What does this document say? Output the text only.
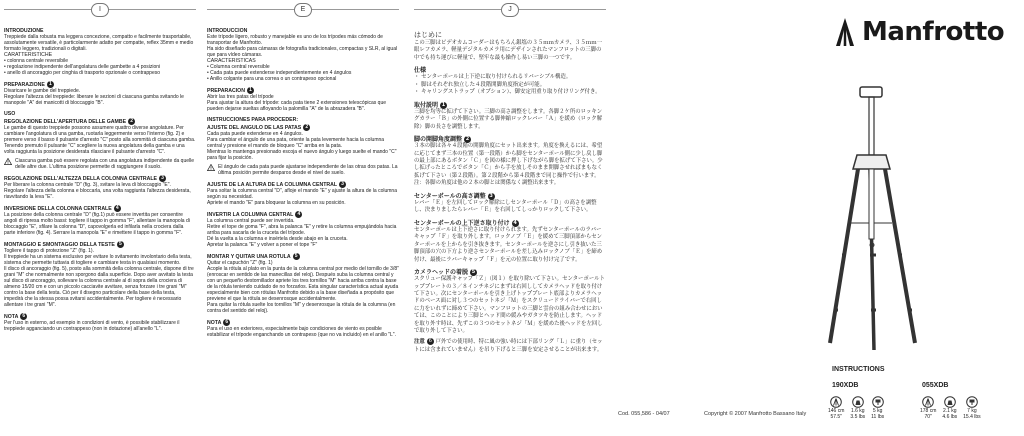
I
INTRODUZIONE
Treppiede dalla robusta ma leggera concezione, compatto e facilmente trasportabile, assolutamente versatile, è particolarmente adatto per compatte, reflex 35mm e medio formato leggero, tradizionali o digitali.
CARATTERISTICHE
• colonna centrale reversibile
• regolazione indipendente dell'angolatura delle gambette a 4 posizioni
• anello di ancoraggio per cinghia di trasporto opzionale o contrappeso
PREPARAZIONE 1
Divaricare le gambe del treppiede.
Regolare l'altezza del treppiede: liberare le sezioni di ciascuna gamba svitando le manopole "A" dei manicotti di bloccaggio "B".
USO
REGOLAZIONE DELL'APERTURA DELLE GAMBE 2
Le gambe di questo treppiede possono assumere quattro diverse angolature. Per cambiare l'angolatura di una gamba, ruotarla leggermente verso l'interno (fig. 2) e premere verso il basso il pulsante d'arresto "C" posto alla sommità di ciascuna gamba.
Tenendo premuto il pulsante "C" scegliere la nuova angolatura della gamba e una volta raggiunta la posizione desiderata rilasciare il pulsante d'arresto "C".
Ciascuna gamba può essere regolata con una angolatura indipendente da quelle delle altre due. L'ultima posizione permette di raggiungere il suolo.
REGOLAZIONE DELL'ALTEZZA DELLA COLONNA CENTRALE 3
Per liberare la colonna centrale "D" (fig. 3), svitare la leva di bloccaggio "E".
Regolare l'altezza della colonna e bloccarla, una volta raggiunta l'altezza desiderata, riavvitando la leva "E".
INVERSIONE DELLA COLONNA CENTRALE 4
La posizione della colonna centrale "D" (fig.1) può essere invertita per consentire angoli di ripresa molto bassi: togliere il tappo in gomma "F", allentare la manopola di bloccaggio "E", sfilare la colonna "D", capovolgerla ed infilarla nella crociera dalla parte inferiore (fig. 4). Serrare la manopola "E" e rimettere il tappo in gomma "F".
MONTAGGIO E SMONTAGGIO DELLA TESTE 5
Togliere il tappo di protezione "Z" (fig. 1).
Il treppiede ha un sistema esclusivo per evitare lo svitamento involontario della testa, sistema che permette tuttavia di togliere e cambiare testa in qualsiasi momento.
Il disco di ancoraggio (fig. 5), posto alla sommità della colonna centrale, dispone di tre grani "M" che normalmente non sporgono dalla superficie. Dopo aver avvitato la testa sul disco di ancoraggio, sollevare la colonna centrale al di sopra della crociera di almeno 15/20 cm e con un piccolo cacciavite avvitare, senza forzare i tre grani "M" contro la base della testa. Ciò per il disegno particolare della base della testa, impedirà che la stessa possa svitarsi accidentalmente. Per togliere è necessario allentare i tre grani "M".
NOTA 6
Per l'uso in esterno, ad esempio in condizioni di vento, è possibile stabilizzare il treppiede agganciando un contrappeso (non in dotazione) all'anello "L".
E
INTRODUCCION
Este trípode ligero, robusto y manejable es uno de los trípodes más cómodo de transportar de Manfrotto.
Ha sido diseñado para cámaras de fotografía tradicionales, compactas y SLR, al igual que para vídeo cámaras.
CARACTERISTICAS
• Columna central reversible
• Cada pata puede extenderse independientemente en 4 ángulos
• Anillo colgante para una correa o un contrapeso opcional
PREPARACION 1
Abrir las tres patas del trípode
Para ajustar la altura del trípode: cada pata tiene 2 extensiones telescópicas que pueden dejarse sueltas afloyando la palomilla "A" de la abrazadera "B".
INSTRUCCIONES PARA PROCEDER:
AJUSTE DEL ANGULO DE LAS PATAS 2
Cada pata puede extenderse en 4 ángulos.
Para cambiar el ángulo de una pata, oriente la pata levemente hacia la columna central y presione el mando de bloqueo "C" arriba en la pata.
Mientras lo mantenga presionado escoja el nuevo ángulo y luego suelte el mando "C" para fijar la posición.
El ángulo de cada pata puede ajustarse independiente de las otras dos patas. La última posición permite desparos desde el nivel de suelo.
AJUSTE DE LA ALTURA DE LA COLUMNA CENTRAL 3
Para soltar la columna central "D", afloje el mando "E" y ajuste la altura de la columna según su necesidad.
Apriete el mando "E" para bloquear la columna en su posición.
INVERTIR LA COLUMNA CENTRAL 4
La columna central puede ser invertida.
Retire el tope de goma "F", abra la palanca "E" y retire la columna empujándola hacia arriba para sacarla de la cruceta del trípode.
Dé la vuelta a la columna e insértela desde abajo en la cruceta.
Apretar la palanca "E" y volver a poner el tope "F"
MONTAR Y QUITAR UNA ROTULA 5
Quitar el capuchón "Z" (fig. 1)
Acople la rótula al plato en la punta de la columna central por medio del tornillo de 3/8" (enroscar en sentido de las manecillas del reloj). Después suba la columna central y con un pequeño destornillador apriete los tres tornillos "M" hacia arriba contra la base de la rótula teniendo cuidado de no forzarlos. Esta singular característica actual ayuda especialmente bien con rótulas Manfrotto debido a la base diseñada a propósito que previene el que la rótula se desenrosque accidentalmente.
Para quitar la rótula suelte los tornillos "M" y desenrosque la rótula de la columna (en contra del sentido del reloj).
NOTA 6
Para el uso en exteriores, especialmente bajo condiciones de viento es posible estabilizar el trípode enganchando un contrapeso (que no va incluido) en el anillo "L".
J
はじめに
この三脚はビデオカムコーダーはもちろん銀塩の３５ｍｍカメラ、３５ｍｍ一眼レフカメラ、軽量デジタルカメラ用にデザインされたマンフロットの三脚の中でも持ち運びに軽量で、堅牢な最も操作し易い三脚の一つです。
仕様
・ センターポールは上下逆に取り付けられるリバーシブル構造。
・ 脚はそれぞれ独立した４段階開脚角度指定が可能。
・ キャリングストラップ（オプション）、御安定用重り取り付けリング付き。
取付説明 1
三脚を均等に拡げて下さい。三脚の高さ調整をします。各脚２ケ所のロッキングカラー「Ｂ」の外側に位置する脚伸縮ロックレバー「Ａ」を緩め（ロック解除）脚の長さを調整します。
脚の開脚角度調整 2
３本の脚は各々４段階の開脚角度にセット出来ます。角度を換えるには、希望に応じてまず三本の位置（第一段階）から脚をセンターポール側に少し戻し脚の最上部にあるボタン「Ｃ」を図の様に押し下げながら脚を拡げて下さい。少し拡げったところでボタン「Ｃ」から手を放しそのまま開脚させればまもなく拡げて下さい（第２段階）。第２段階から第４段階まで同じ操作で行います。
注：各脚の角度は他の２本の脚とは関係なく調整出来ます。
センターポールの高さ調整 3
レバー「Ｅ」を左回してロック解除にしセンターポール「Ｄ」の高さを調整し、決まりましたらレバー「Ｅ」を右回してしっかりロックして下さい。
センターポールの上下逆さ取り付け 4
センターポールは上下逆さに取り付けられます。先ずセンターポールのラバーキャップ「Ｆ」を取り外します。ロックノブ「Ｅ」を緩めて三脚頂部からセンターポールを上からを引き抜きます。センターポールを逆さにし引き抜いた三脚頂部の穴の下方より逆さセンターポールを差し込みロックノブ「Ｅ」を締め付け、最後にラバーキャップ「Ｆ」を元の位置に取り付け完了です。
カメラヘッドの着脱 5
スクリュー保護キャップ「Ｚ」（図１）を取り除いて下さい。センターポールトッププレートの３／８インチネジにまずは右回ししてカメラヘッドを取り付けて下さい。次にセンターポールを引き上げトッププレート底部よりカメラヘッドのベース面に対し３つのセットネジ「Ｍ」をスクリュードライバーで右回しに力をいれずに締めて下さい。マンフロットの三脚と雲台の組み合わせにおいては、このことにより三脚とヘッド間の緩みやガタツキを防止します。ヘッドを取り外す時は、先ずこの３つのセットネジ「Ｍ」を緩めた後ヘッドを左回しで取り外して下さい。
注意 6 戸外での使用時、特に風の強い時には下部リング「Ｌ」に重り（セットには含まれていません）を吊り下げると三脚を安定させることが出来ます。
Manfrotto
INSTRUCTIONS
190XDB	055XDB
146 cm
57.5"
1.6 kg
3.5 lbs
5 kg
11 lbs
178 cm
70"
2.1 kg
4.6 lbs
7 kg
15.4 lbs
Cod. 055,586 - 04/07	Copyright © 2007 Manfrotto Bassano Italy
